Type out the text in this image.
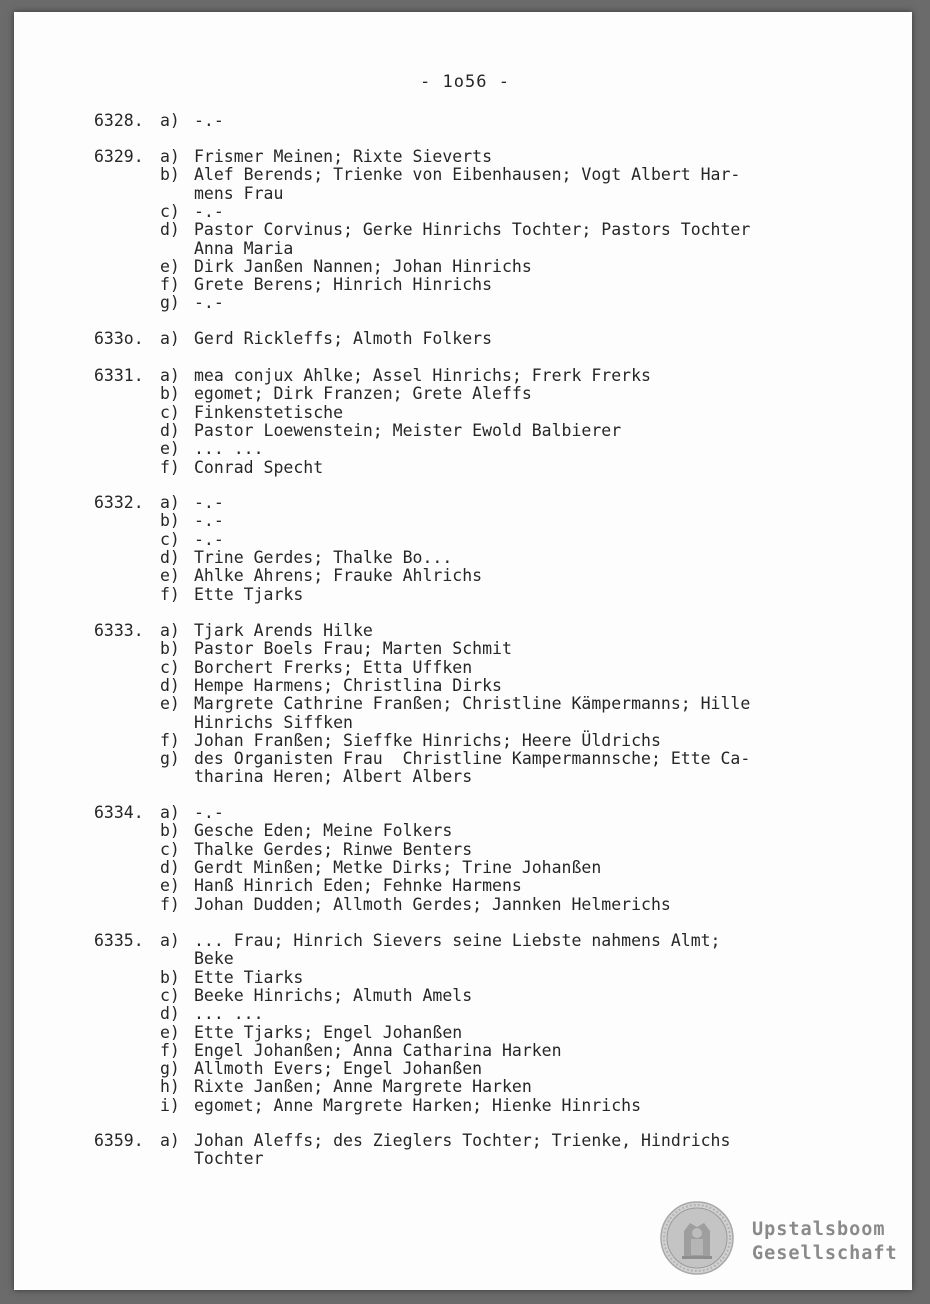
- 1o56 -
6328. a) -.-
6329. a) Frismer Meinen; Rixte Sieverts
b) Alef Berends; Trienke von Eibenhausen; Vogt Albert Har-
mens Frau
c) -.-
d) Pastor Corvinus; Gerke Hinrichs Tochter; Pastors Tochter
Anna Maria
e) Dirk Janßen Nannen; Johan Hinrichs
f) Grete Berens; Hinrich Hinrichs
g) -.-
633o. a) Gerd Rickleffs; Almoth Folkers
6331. a) mea conjux Ahlke; Assel Hinrichs; Frerk Frerks
b) egomet; Dirk Franzen; Grete Aleffs
c) Finkenstetische
d) Pastor Loewenstein; Meister Ewold Balbierer
e) ... ...
f) Conrad Specht
6332. a) -.-
b) -.-
c) -.-
d) Trine Gerdes; Thalke Bo...
e) Ahlke Ahrens; Frauke Ahlrichs
f) Ette Tjarks
6333. a) Tjark Arends Hilke
b) Pastor Boels Frau; Marten Schmit
c) Borchert Frerks; Etta Uffken
d) Hempe Harmens; Christlina Dirks
e) Margrete Cathrine Franßen; Christline Kämpermanns; Hille
Hinrichs Siffken
f) Johan Franßen; Sieffke Hinrichs; Heere Üldrichs
g) des Organisten Frau  Christline Kampermannsche; Ette Ca-
tharina Heren; Albert Albers
6334. a) -.-
b) Gesche Eden; Meine Folkers
c) Thalke Gerdes; Rinwe Benters
d) Gerdt Minßen; Metke Dirks; Trine Johanßen
e) Hanß Hinrich Eden; Fehnke Harmens
f) Johan Dudden; Allmoth Gerdes; Jannken Helmerichs
6335. a) ... Frau; Hinrich Sievers seine Liebste nahmens Almt;
Beke
b) Ette Tiarks
c) Beeke Hinrichs; Almuth Amels
d) ... ...
e) Ette Tjarks; Engel Johanßen
f) Engel Johanßen; Anna Catharina Harken
g) Allmoth Evers; Engel Johanßen
h) Rixte Janßen; Anne Margrete Harken
i) egomet; Anne Margrete Harken; Hienke Hinrichs
6359. a) Johan Aleffs; des Zieglers Tochter; Trienke, Hindrichs
Tochter
Upstalsboom
Gesellschaft
